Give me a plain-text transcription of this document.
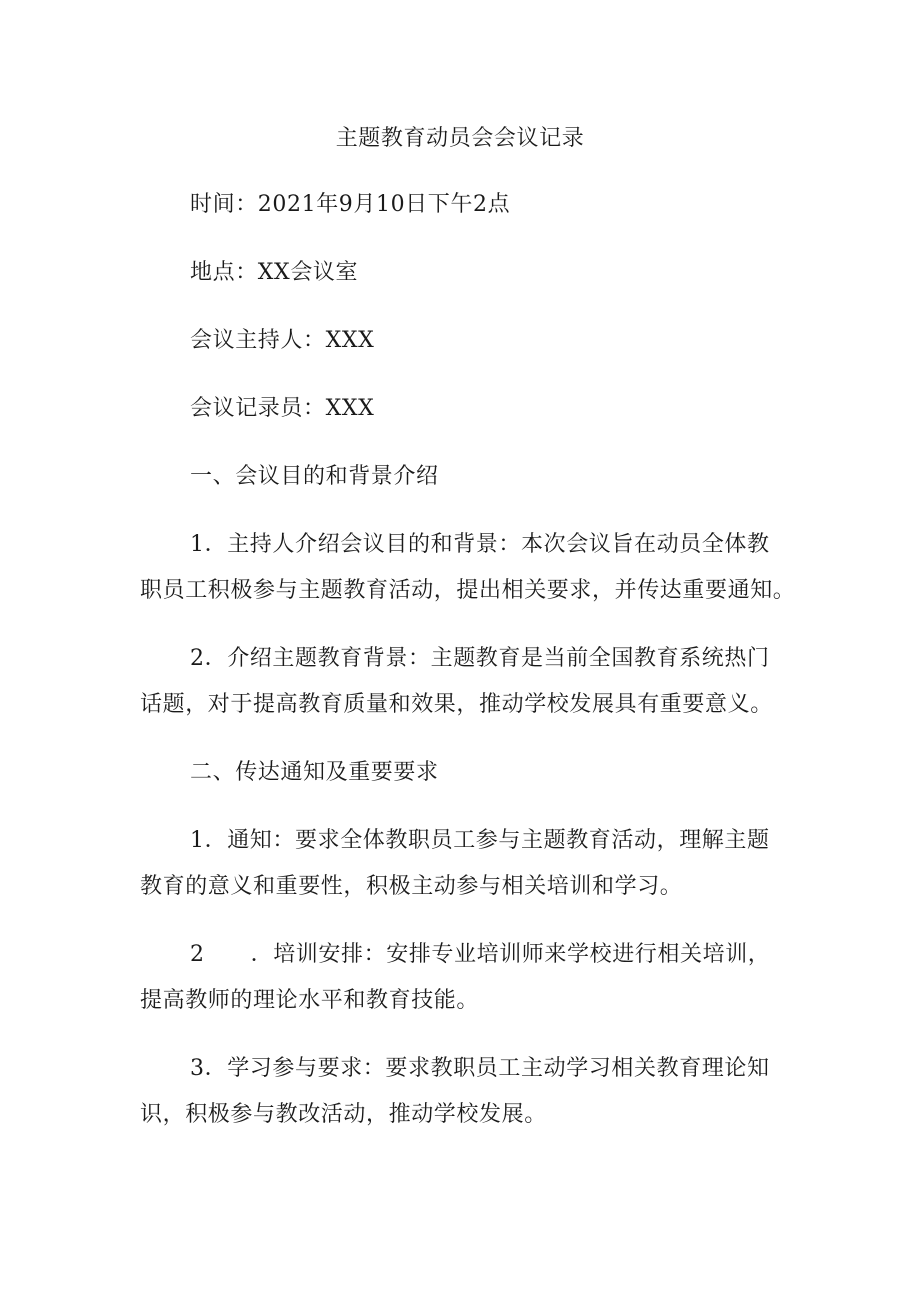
主题教育动员会会议记录
时间：2021年9月10日下午2点
地点：XX会议室
会议主持人：XXX
会议记录员：XXX
一、会议目的和背景介绍
1．主持人介绍会议目的和背景：本次会议旨在动员全体教
职员工积极参与主题教育活动，提出相关要求，并传达重要通知。
2．介绍主题教育背景：主题教育是当前全国教育系统热门
话题，对于提高教育质量和效果，推动学校发展具有重要意义。
二、传达通知及重要要求
1．通知：要求全体教职员工参与主题教育活动，理解主题
教育的意义和重要性，积极主动参与相关培训和学习。
2 ．培训安排：安排专业培训师来学校进行相关培训，
提高教师的理论水平和教育技能。
3．学习参与要求：要求教职员工主动学习相关教育理论知
识，积极参与教改活动，推动学校发展。
